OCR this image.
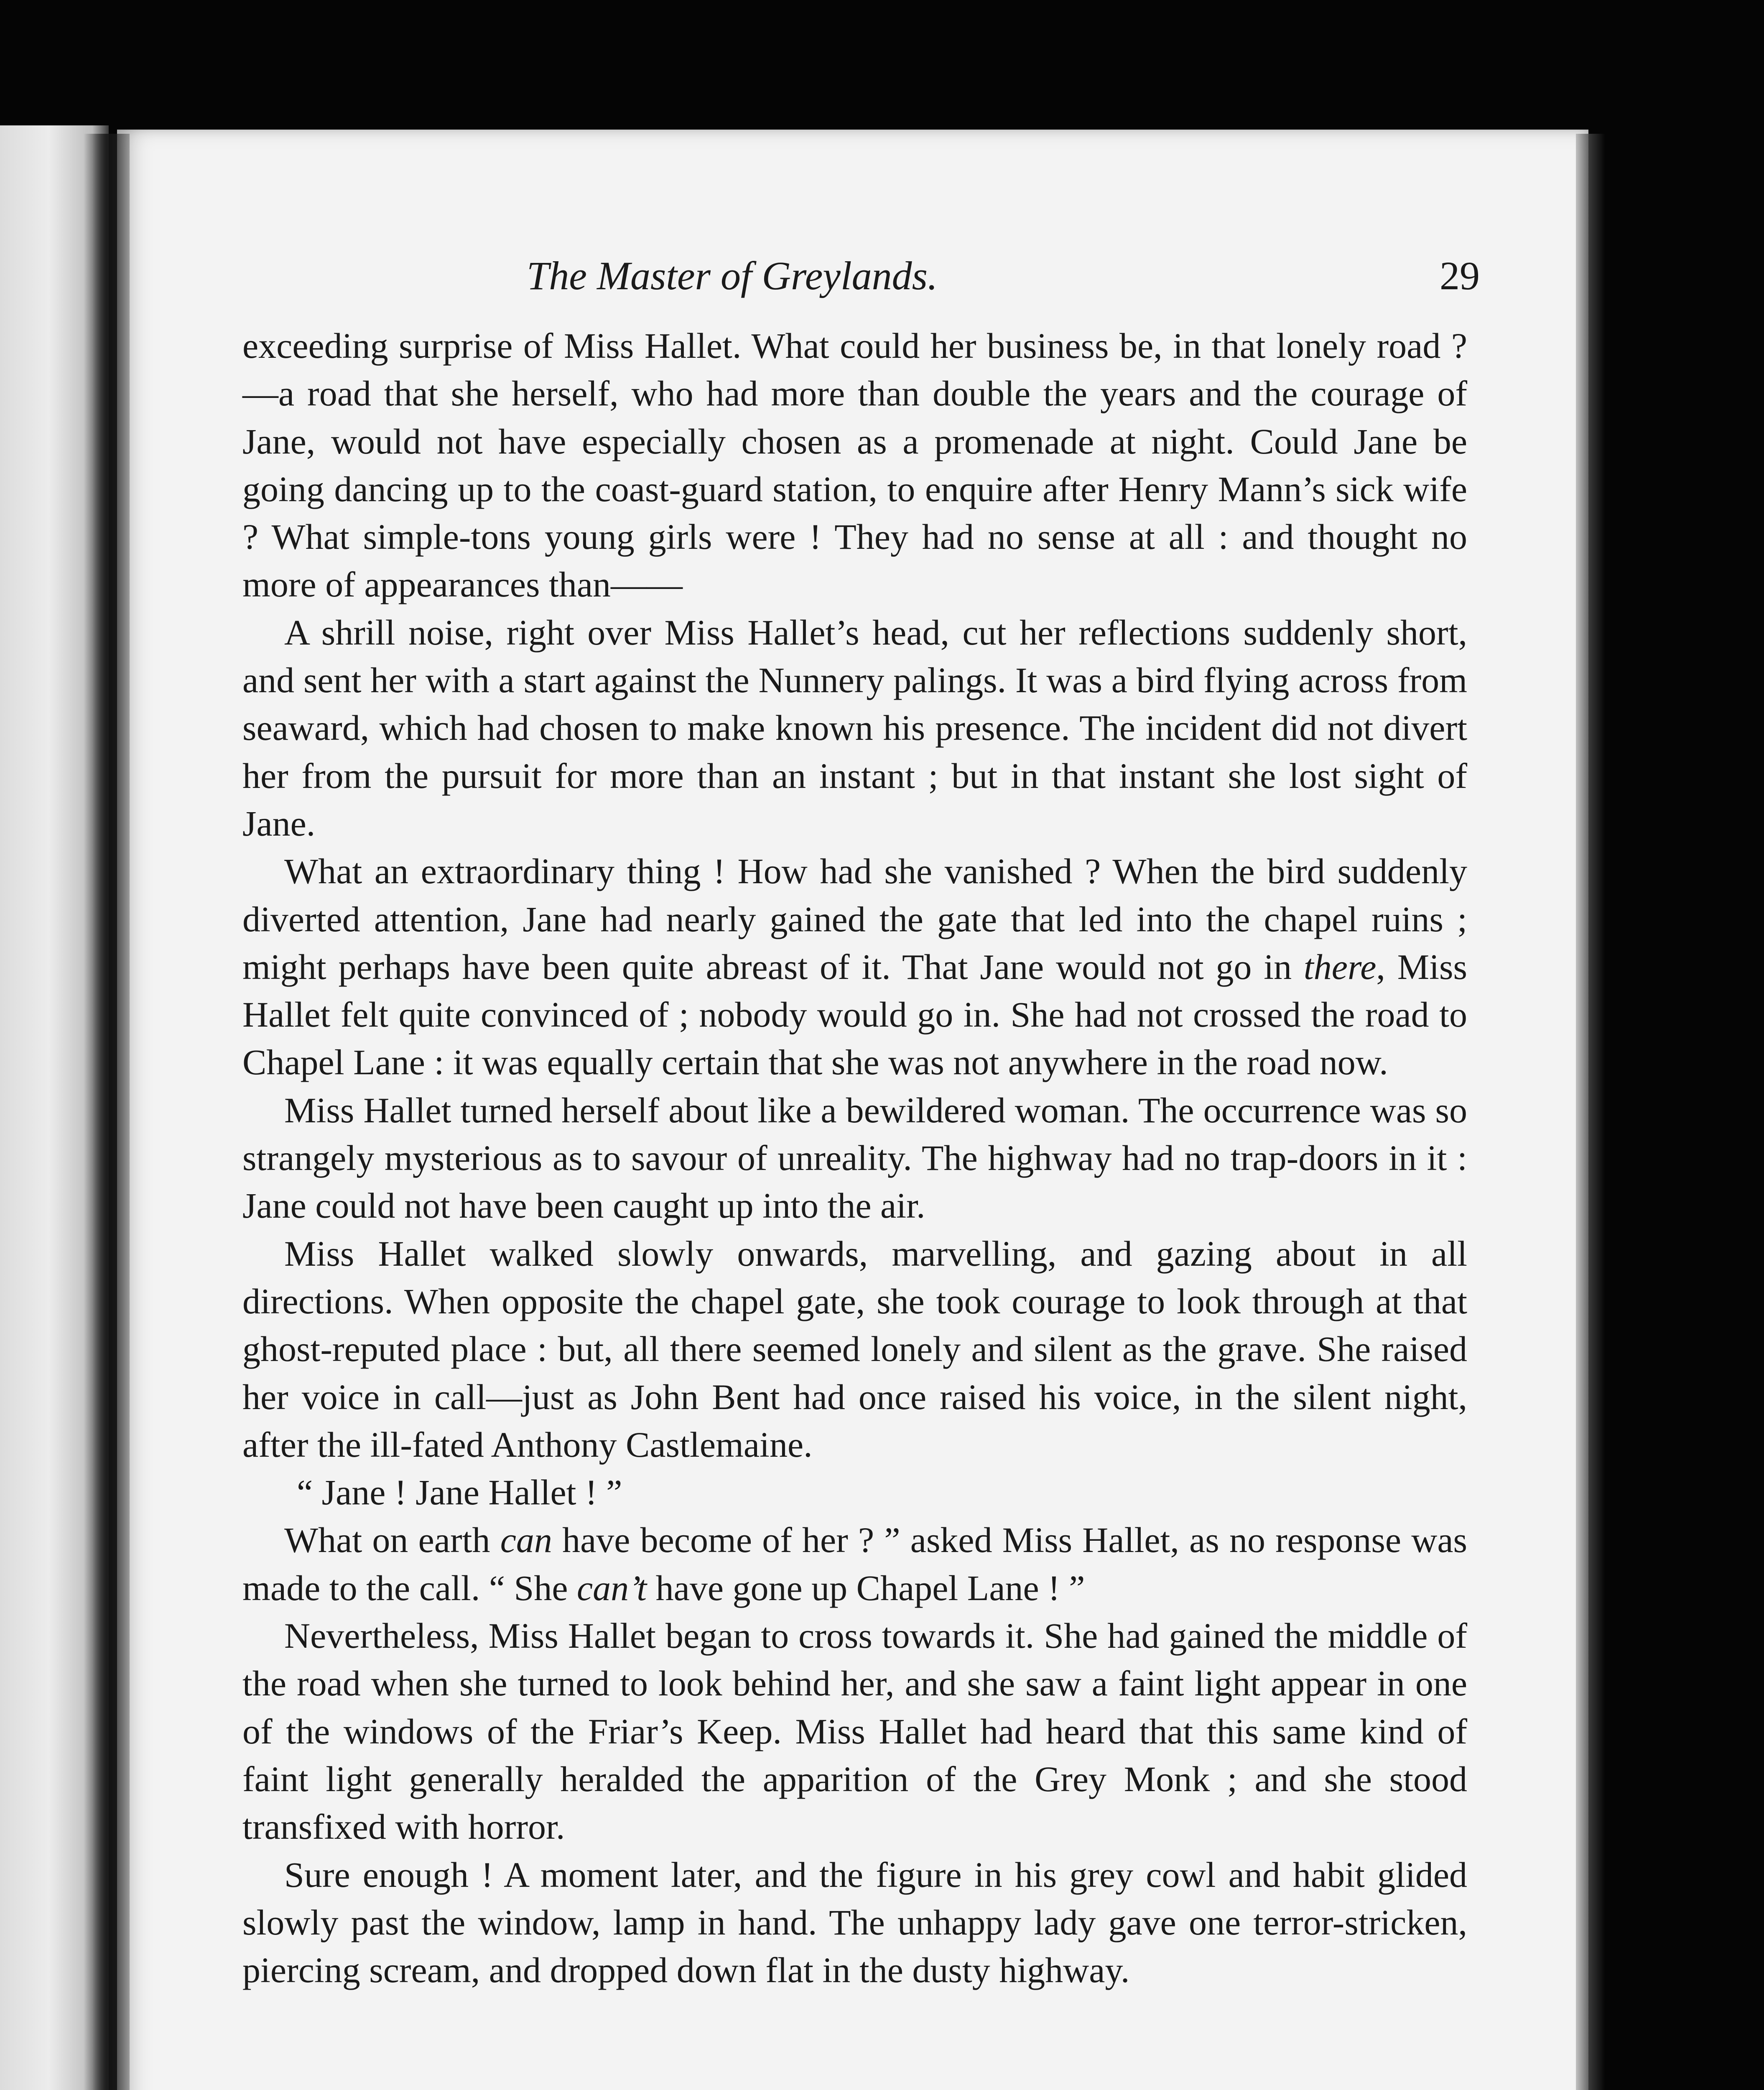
The Master of Greylands.	29

exceeding surprise of Miss Hallet. What could her business be, in that lonely road ?—a road that she herself, who had more than double the years and the courage of Jane, would not have especially chosen as a promenade at night. Could Jane be going dancing up to the coast-guard station, to enquire after Henry Mann’s sick wife ? What simple-tons young girls were ! They had no sense at all : and thought no more of appearances than——

A shrill noise, right over Miss Hallet’s head, cut her reflections suddenly short, and sent her with a start against the Nunnery palings. It was a bird flying across from seaward, which had chosen to make known his presence. The incident did not divert her from the pursuit for more than an instant ; but in that instant she lost sight of Jane.

What an extraordinary thing ! How had she vanished ? When the bird suddenly diverted attention, Jane had nearly gained the gate that led into the chapel ruins ; might perhaps have been quite abreast of it. That Jane would not go in there, Miss Hallet felt quite convinced of ; nobody would go in. She had not crossed the road to Chapel Lane : it was equally certain that she was not anywhere in the road now.

Miss Hallet turned herself about like a bewildered woman. The occurrence was so strangely mysterious as to savour of unreality. The highway had no trap-doors in it : Jane could not have been caught up into the air.

Miss Hallet walked slowly onwards, marvelling, and gazing about in all directions. When opposite the chapel gate, she took courage to look through at that ghost-reputed place : but, all there seemed lonely and silent as the grave. She raised her voice in call—just as John Bent had once raised his voice, in the silent night, after the ill-fated Anthony Castlemaine.

“ Jane ! Jane Hallet ! ”

What on earth can have become of her ? ” asked Miss Hallet, as no response was made to the call. “ She can’t have gone up Chapel Lane ! ”

Nevertheless, Miss Hallet began to cross towards it. She had gained the middle of the road when she turned to look behind her, and she saw a faint light appear in one of the windows of the Friar’s Keep. Miss Hallet had heard that this same kind of faint light generally heralded the apparition of the Grey Monk ; and she stood transfixed with horror.

Sure enough ! A moment later, and the figure in his grey cowl and habit glided slowly past the window, lamp in hand. The unhappy lady gave one terror-stricken, piercing scream, and dropped down flat in the dusty highway.
